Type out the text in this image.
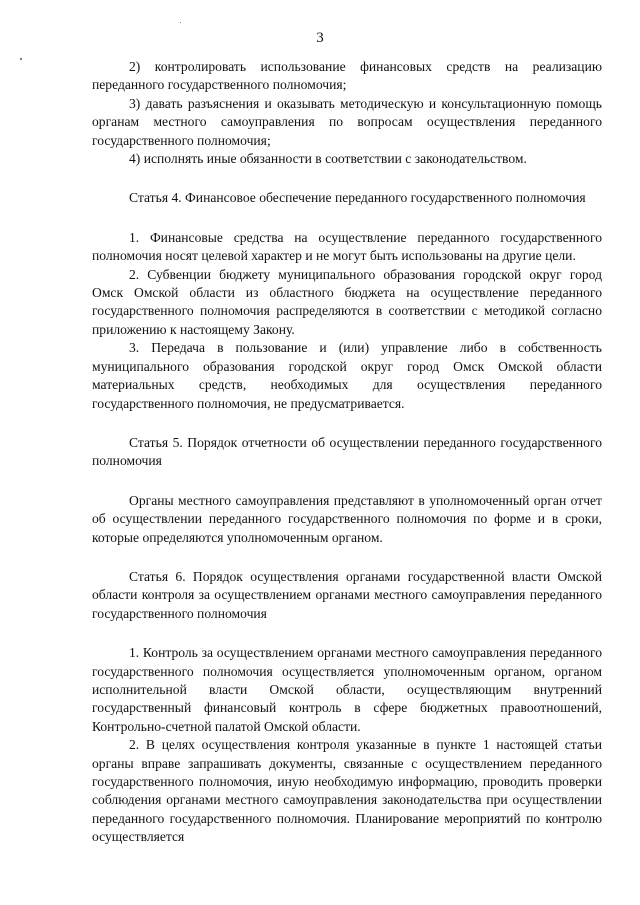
3

2) контролировать использование финансовых средств на реализацию переданного государственного полномочия;

3) давать разъяснения и оказывать методическую и консультационную помощь органам местного самоуправления по вопросам осуществления переданного государственного полномочия;

4) исполнять иные обязанности в соответствии с законодательством.

Статья 4. Финансовое обеспечение переданного государственного полномочия

1. Финансовые средства на осуществление переданного государственного полномочия носят целевой характер и не могут быть использованы на другие цели.

2. Субвенции бюджету муниципального образования городской округ город Омск Омской области из областного бюджета на осуществление переданного государственного полномочия распределяются в соответствии с методикой согласно приложению к настоящему Закону.

3. Передача в пользование и (или) управление либо в собственность муниципального образования городской округ город Омск Омской области материальных средств, необходимых для осуществления переданного государственного полномочия, не предусматривается.

Статья 5. Порядок отчетности об осуществлении переданного государственного полномочия

Органы местного самоуправления представляют в уполномоченный орган отчет об осуществлении переданного государственного полномочия по форме и в сроки, которые определяются уполномоченным органом.

Статья 6. Порядок осуществления органами государственной власти Омской области контроля за осуществлением органами местного самоуправления переданного государственного полномочия

1. Контроль за осуществлением органами местного самоуправления переданного государственного полномочия осуществляется уполномоченным органом, органом исполнительной власти Омской области, осуществляющим внутренний государственный финансовый контроль в сфере бюджетных правоотношений, Контрольно-счетной палатой Омской области.

2. В целях осуществления контроля указанные в пункте 1 настоящей статьи органы вправе запрашивать документы, связанные с осуществлением переданного государственного полномочия, иную необходимую информацию, проводить проверки соблюдения органами местного самоуправления законодательства при осуществлении переданного государственного полномочия. Планирование мероприятий по контролю осуществляется
